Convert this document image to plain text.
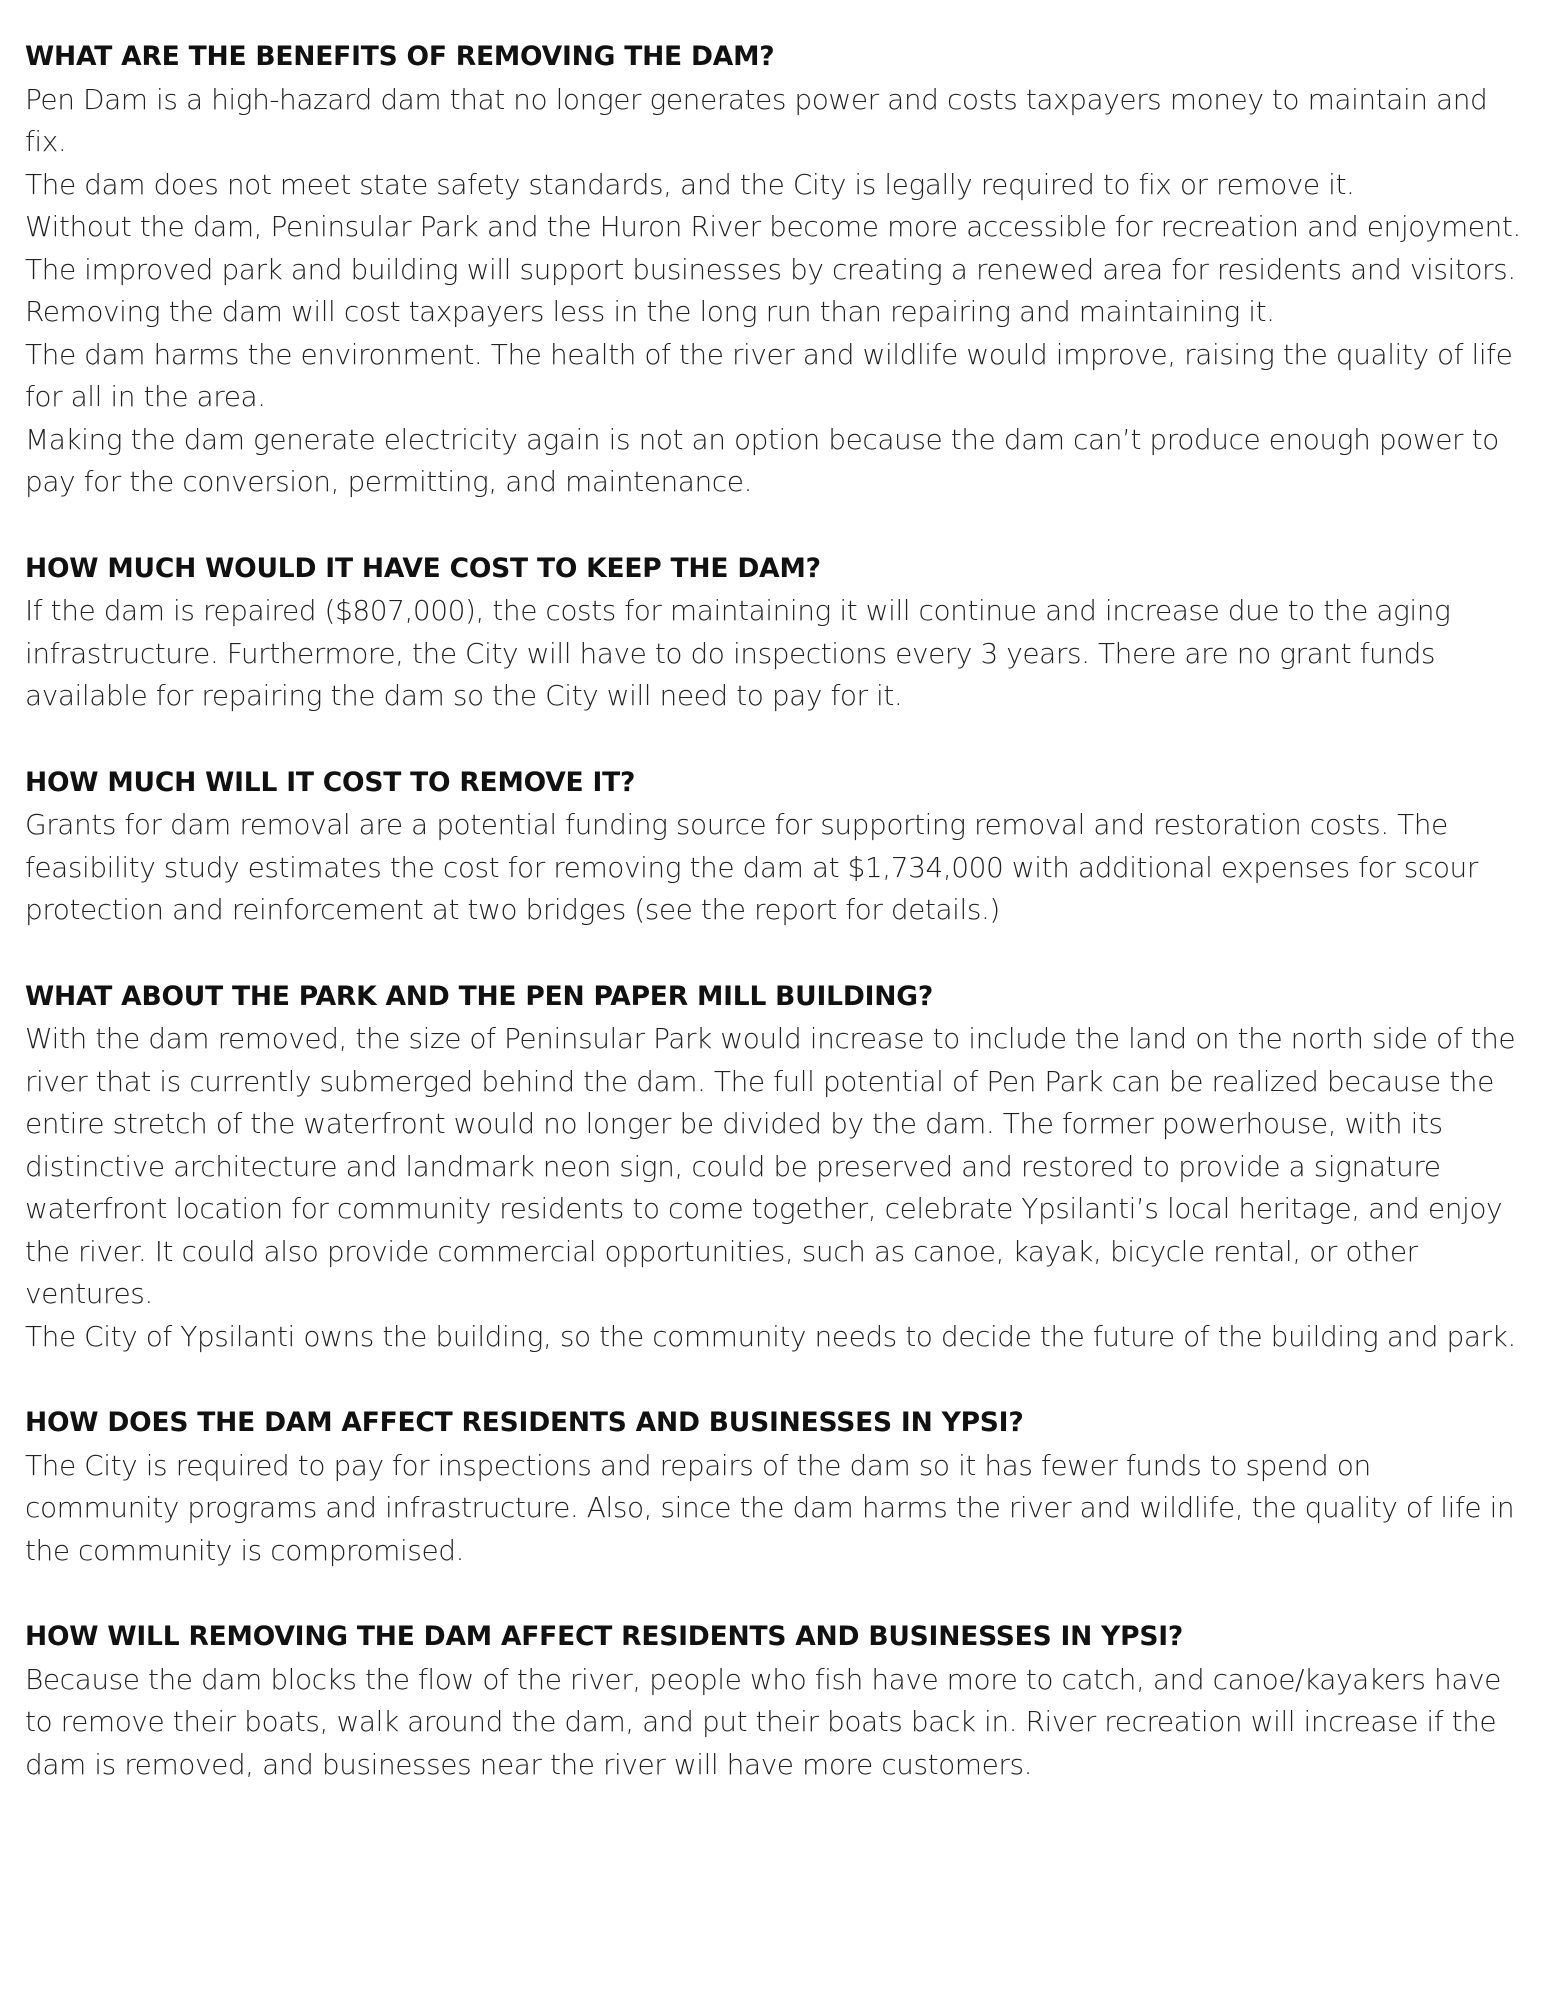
WHAT ARE THE BENEFITS OF REMOVING THE DAM?

Pen Dam is a high-hazard dam that no longer generates power and costs taxpayers money to maintain and fix.

The dam does not meet state safety standards, and the City is legally required to fix or remove it.

Without the dam, Peninsular Park and the Huron River become more accessible for recreation and enjoyment.

The improved park and building will support businesses by creating a renewed area for residents and visitors.

Removing the dam will cost taxpayers less in the long run than repairing and maintaining it.

The dam harms the environment. The health of the river and wildlife would improve, raising the quality of life for all in the area.

Making the dam generate electricity again is not an option because the dam can’t produce enough power to pay for the conversion, permitting, and maintenance.

HOW MUCH WOULD IT HAVE COST TO KEEP THE DAM?

If the dam is repaired ($807,000), the costs for maintaining it will continue and increase due to the aging infrastructure. Furthermore, the City will have to do inspections every 3 years. There are no grant funds available for repairing the dam so the City will need to pay for it.

HOW MUCH WILL IT COST TO REMOVE IT?

Grants for dam removal are a potential funding source for supporting removal and restoration costs. The feasibility study estimates the cost for removing the dam at $1,734,000 with additional expenses for scour protection and reinforcement at two bridges (see the report for details.)

WHAT ABOUT THE PARK AND THE PEN PAPER MILL BUILDING?

With the dam removed, the size of Peninsular Park would increase to include the land on the north side of the river that is currently submerged behind the dam. The full potential of Pen Park can be realized because the entire stretch of the waterfront would no longer be divided by the dam. The former powerhouse, with its distinctive architecture and landmark neon sign, could be preserved and restored to provide a signature waterfront location for community residents to come together, celebrate Ypsilanti’s local heritage, and enjoy the river. It could also provide commercial opportunities, such as canoe, kayak, bicycle rental, or other ventures.

The City of Ypsilanti owns the building, so the community needs to decide the future of the building and park.

HOW DOES THE DAM AFFECT RESIDENTS AND BUSINESSES IN YPSI?

The City is required to pay for inspections and repairs of the dam so it has fewer funds to spend on community programs and infrastructure. Also, since the dam harms the river and wildlife, the quality of life in the community is compromised.

HOW WILL REMOVING THE DAM AFFECT RESIDENTS AND BUSINESSES IN YPSI?

Because the dam blocks the flow of the river, people who fish have more to catch, and canoe/kayakers have to remove their boats, walk around the dam, and put their boats back in. River recreation will increase if the dam is removed, and businesses near the river will have more customers.
